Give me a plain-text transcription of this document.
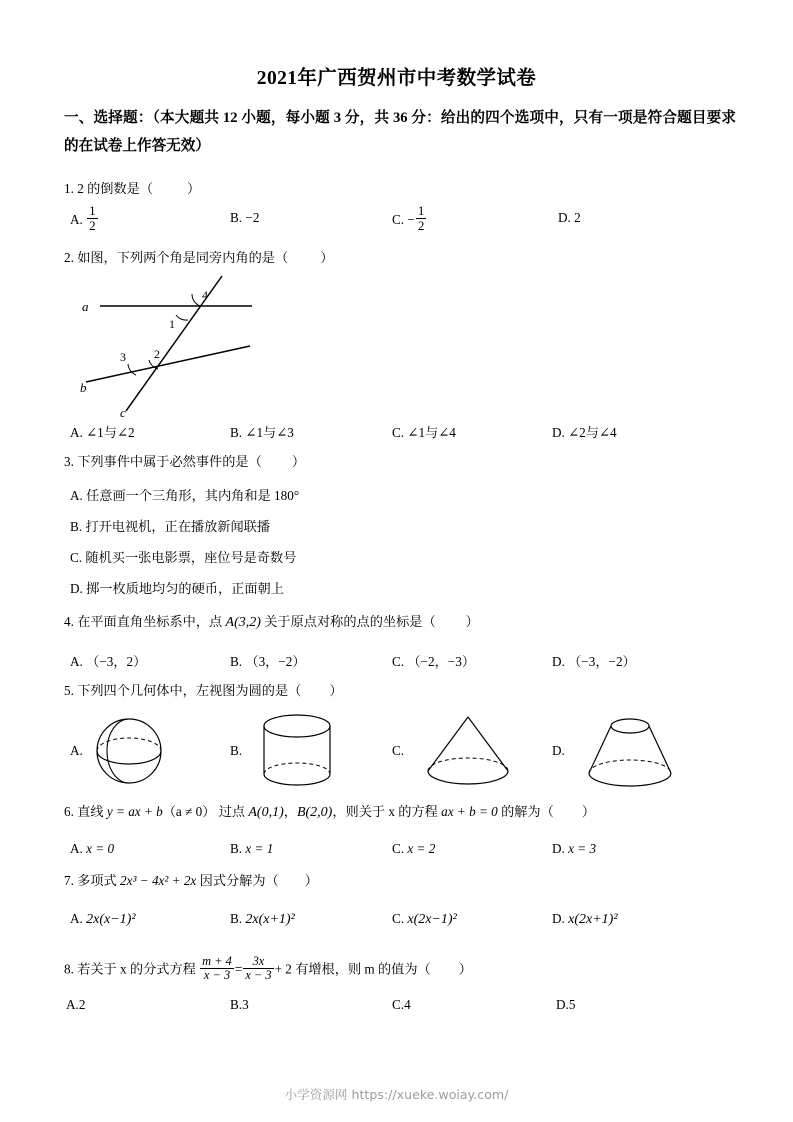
2021年广西贺州市中考数学试卷
一、选择题：（本大题共 12 小题，每小题 3 分，共 36 分：给出的四个选项中，只有一项是符合题目要求的在试卷上作答无效）
1. 2 的倒数是（	）
A. $\frac{1}{2}$	B. −2	C. − $\frac{1}{2}$	D. 2
2. 如图，下列两个角是同旁内角的是（ ）
a
b
c
1
4
3 2
A. ∠1与∠2	B. ∠1与∠3	C. ∠1与∠4	D. ∠2与∠4
3. 下列事件中属于必然事件的是（ ）
A. 任意画一个三角形，其内角和是 180°
B. 打开电视机，正在播放新闻联播
C. 随机买一张电影票，座位号是奇数号
D. 掷一枚质地均匀的硬币，正面朝上
4. 在平面直角坐标系中，点 A(3,2) 关于原点对称的点的坐标是（ ）
A. （−3，2）	B. （3，−2）	C. （−2，−3）	D. （−3，−2）
5. 下列四个几何体中，左视图为圆的是（ ）
A.	B.	C.	D.
6. 直线 y = ax + b（a ≠ 0） 过点 A(0,1)，B(2,0)，则关于 x 的方程 ax + b = 0 的解为（ ）
A. x = 0	B. x = 1	C. x = 2	D. x = 3
7. 多项式 2x³ − 4x² + 2x 因式分解为（ ）
A. 2x(x−1)²	B. 2x(x+1)²	C. x(2x−1)²	D. x(2x+1)²
8. 若关于 x 的分式方程 $\frac{m + 4}{x - 3} = \frac{3x}{x - 3} + 2$ 有增根，则 m 的值为（ ）
A.2	B.3	C.4	D.5
小学资源网 https://xueke.woiay.com/
